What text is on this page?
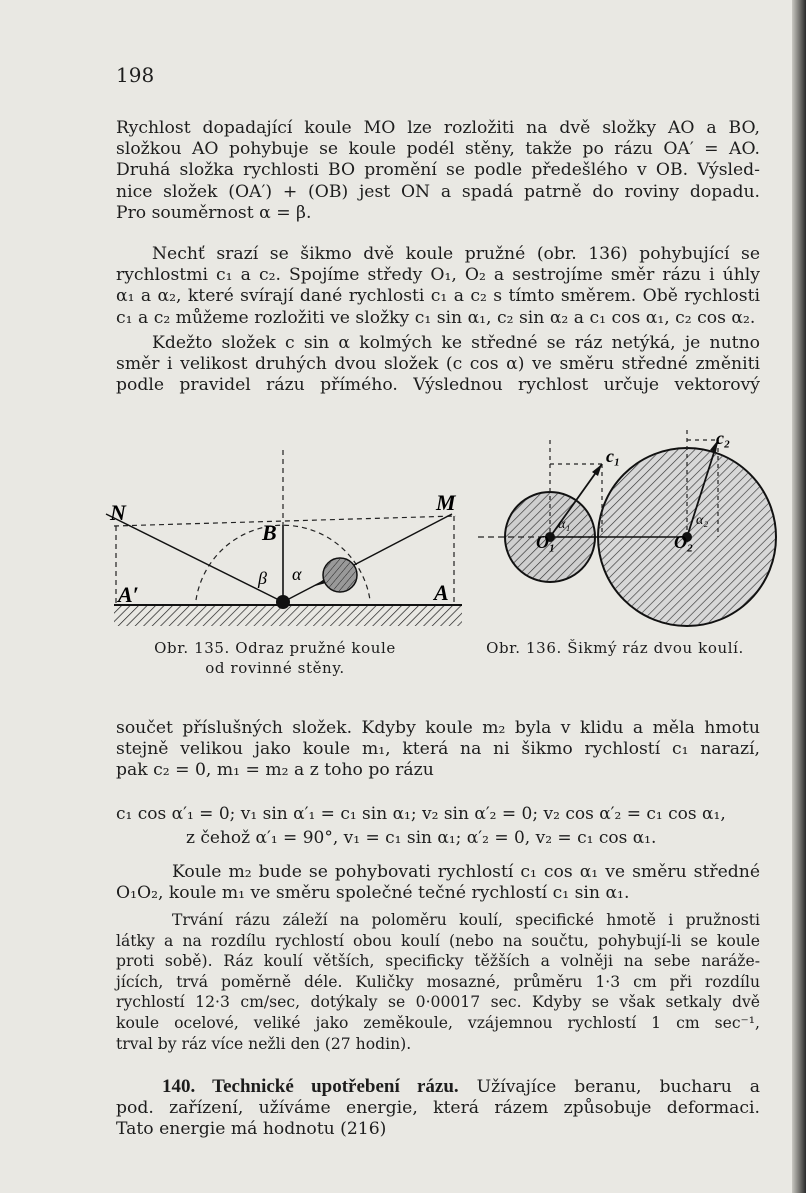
198
Rychlost dopadající koule MO lze rozložiti na dvě složky AO a BO,
složkou AO pohybuje se koule podél stěny, takže po rázu OA′ = AO.
Druhá složka rychlosti BO promění se podle předešlého v OB. Výsled-
nice složek (OA′) + (OB) jest ON a spadá patrně do roviny dopadu.
Pro souměrnost α = β.
Nechť srazí se šikmo dvě koule pružné (obr. 136) pohybující se
rychlostmi c₁ a c₂. Spojíme středy O₁, O₂ a sestrojíme směr rázu i úhly
α₁ a α₂, které svírají dané rychlosti c₁ a c₂ s tímto směrem. Obě rychlosti
c₁ a c₂ můžeme rozložiti ve složky c₁ sin α₁, c₂ sin α₂ a c₁ cos α₁, c₂ cos α₂.
Kdežto složek c sin α kolmých ke středné se ráz netýká, je nutno
směr i velikost druhých dvou složek (c cos α) ve směru středné změniti
podle pravidel rázu přímého. Výslednou rychlost určuje vektorový
N	M
B
A′	A
β α
Obr. 135. Odraz pružné koule
od rovinné stěny.
c₁
c₂
O₁	O₂
α₁	α₂
Obr. 136. Šikmý ráz dvou koulí.
součet příslušných složek. Kdyby koule m₂ byla v klidu a měla hmotu
stejně velikou jako koule m₁, která na ni šikmo rychlostí c₁ narazí,
pak c₂ = 0, m₁ = m₂ a z toho po rázu
c₁ cos α′₁ = 0; v₁ sin α′₁ = c₁ sin α₁; v₂ sin α′₂ = 0; v₂ cos α′₂ = c₁ cos α₁,
z čehož α′₁ = 90°, v₁ = c₁ sin α₁; α′₂ = 0, v₂ = c₁ cos α₁.
Koule m₂ bude se pohybovati rychlostí c₁ cos α₁ ve směru středné
O₁O₂, koule m₁ ve směru společné tečné rychlostí c₁ sin α₁.
Trvání rázu záleží na poloměru koulí, specifické hmotě i pružnosti
látky a na rozdílu rychlostí obou koulí (nebo na součtu, pohybují-li se koule
proti sobě). Ráz koulí větších, specificky těžších a volněji na sebe naráže-
jících, trvá poměrně déle. Kuličky mosazné, průměru 1·3 cm při rozdílu
rychlostí 12·3 cm/sec, dotýkaly se 0·00017 sec. Kdyby se však setkaly dvě
koule ocelové, veliké jako zeměkoule, vzájemnou rychlostí 1 cm sec⁻¹,
trval by ráz více nežli den (27 hodin).
140. Technické upotřebení rázu. Užívajíce beranu, bucharu a
pod. zařízení, užíváme energie, která rázem způsobuje deformaci.
Tato energie má hodnotu (216)
